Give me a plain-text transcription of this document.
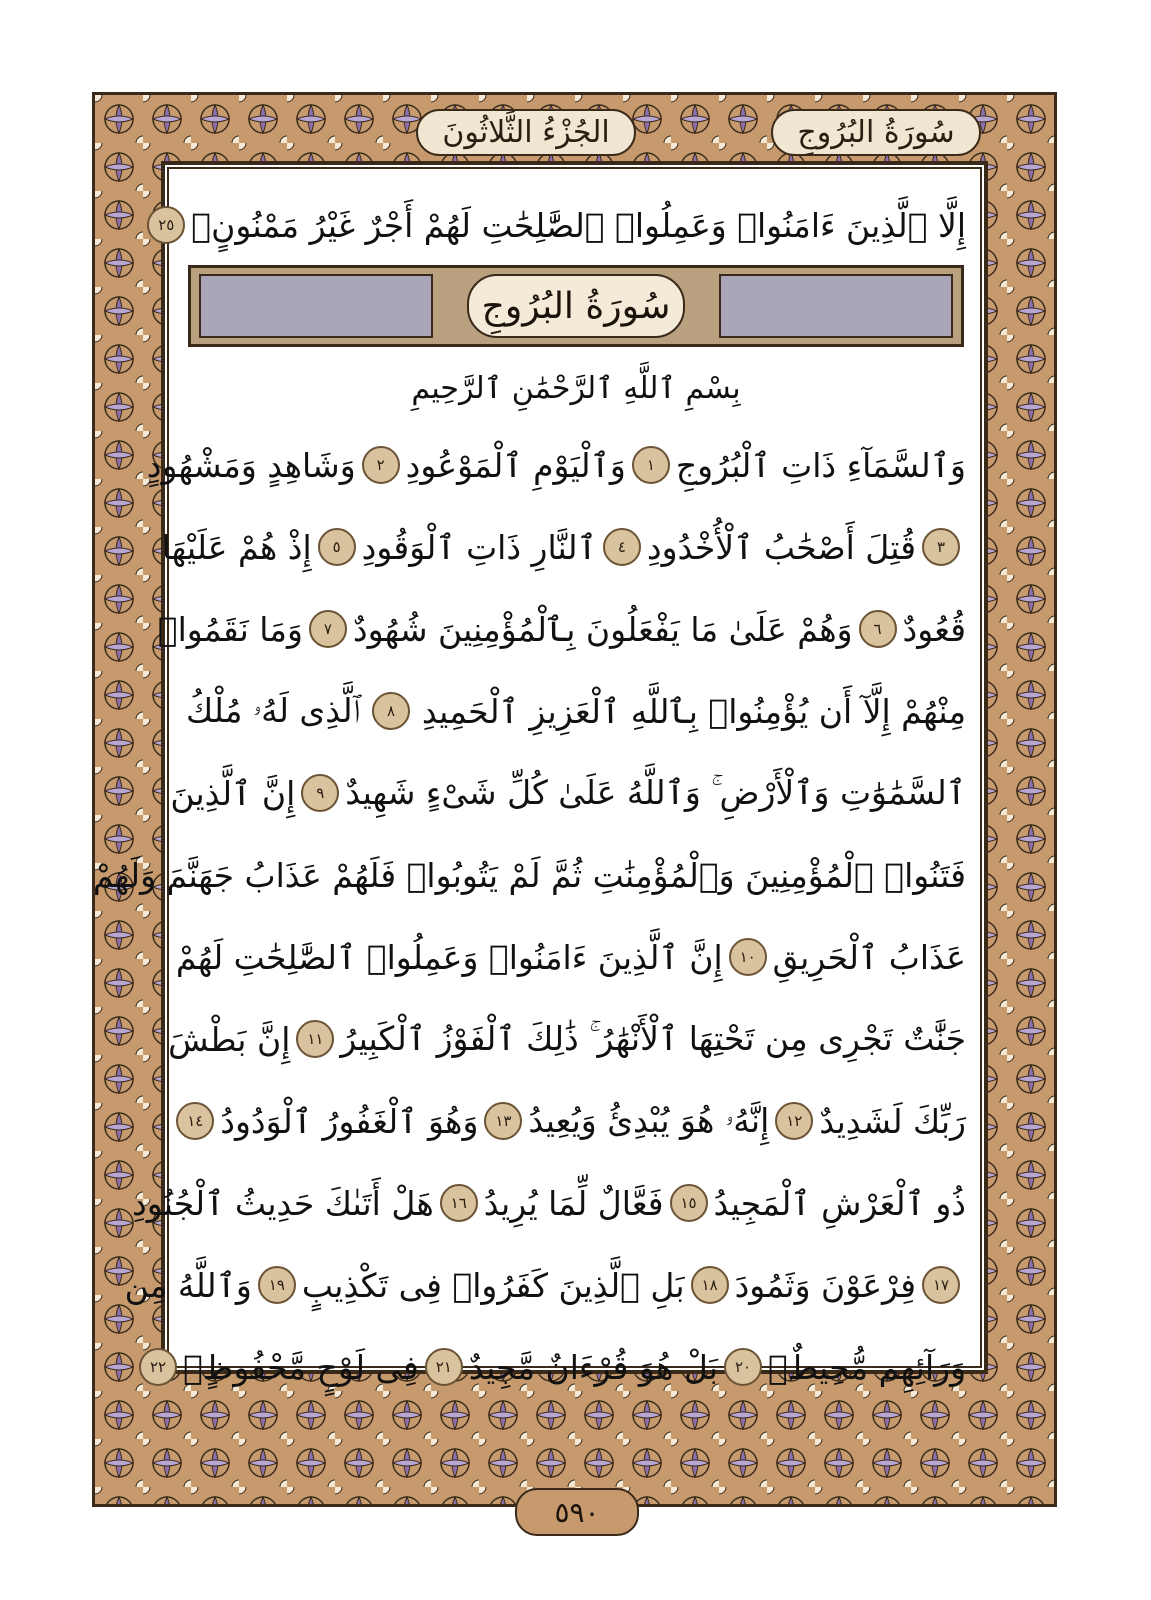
سُورَةُ البُرُوجِ
الجُزْءُ الثَّلاثُونَ
إِلَّا ٱلَّذِينَ ءَامَنُوا۟ وَعَمِلُوا۟ ٱلصَّٰلِحَٰتِ لَهُمْ أَجْرٌ غَيْرُ مَمْنُونٍۭ
٢٥
سُورَةُ البُرُوجِ
بِسْمِ ٱللَّهِ ٱلرَّحْمَٰنِ ٱلرَّحِيمِ
وَٱلسَّمَآءِ ذَاتِ ٱلْبُرُوجِ
١
وَٱلْيَوْمِ ٱلْمَوْعُودِ
٢
وَشَاهِدٍ وَمَشْهُودٍ
٣
قُتِلَ أَصْحَٰبُ ٱلْأُخْدُودِ
٤
ٱلنَّارِ ذَاتِ ٱلْوَقُودِ
٥
إِذْ هُمْ عَلَيْهَا
قُعُودٌ
٦
وَهُمْ عَلَىٰ مَا يَفْعَلُونَ بِٱلْمُؤْمِنِينَ شُهُودٌ
٧
وَمَا نَقَمُوا۟
مِنْهُمْ إِلَّآ أَن يُؤْمِنُوا۟ بِٱللَّهِ ٱلْعَزِيزِ ٱلْحَمِيدِ
٨
ٱلَّذِى لَهُۥ مُلْكُ
ٱلسَّمَٰوَٰتِ وَٱلْأَرْضِ ۚ وَٱللَّهُ عَلَىٰ كُلِّ شَىْءٍ شَهِيدٌ
٩
إِنَّ ٱلَّذِينَ
فَتَنُوا۟ ٱلْمُؤْمِنِينَ وَٱلْمُؤْمِنَٰتِ ثُمَّ لَمْ يَتُوبُوا۟ فَلَهُمْ عَذَابُ جَهَنَّمَ وَلَهُمْ
عَذَابُ ٱلْحَرِيقِ
١٠
إِنَّ ٱلَّذِينَ ءَامَنُوا۟ وَعَمِلُوا۟ ٱلصَّٰلِحَٰتِ لَهُمْ
جَنَّٰتٌ تَجْرِى مِن تَحْتِهَا ٱلْأَنْهَٰرُ ۚ ذَٰلِكَ ٱلْفَوْزُ ٱلْكَبِيرُ
١١
إِنَّ بَطْشَ
رَبِّكَ لَشَدِيدٌ
١٢
إِنَّهُۥ هُوَ يُبْدِئُ وَيُعِيدُ
١٣
وَهُوَ ٱلْغَفُورُ ٱلْوَدُودُ
١٤
ذُو ٱلْعَرْشِ ٱلْمَجِيدُ
١٥
فَعَّالٌ لِّمَا يُرِيدُ
١٦
هَلْ أَتَىٰكَ حَدِيثُ ٱلْجُنُودِ
١٧
فِرْعَوْنَ وَثَمُودَ
١٨
بَلِ ٱلَّذِينَ كَفَرُوا۟ فِى تَكْذِيبٍ
١٩
وَٱللَّهُ مِن
وَرَآئِهِم مُّحِيطٌۢ
٢٠
بَلْ هُوَ قُرْءَانٌ مَّجِيدٌ
٢١
فِى لَوْحٍ مَّحْفُوظٍۭ
٢٢
٥٩٠
